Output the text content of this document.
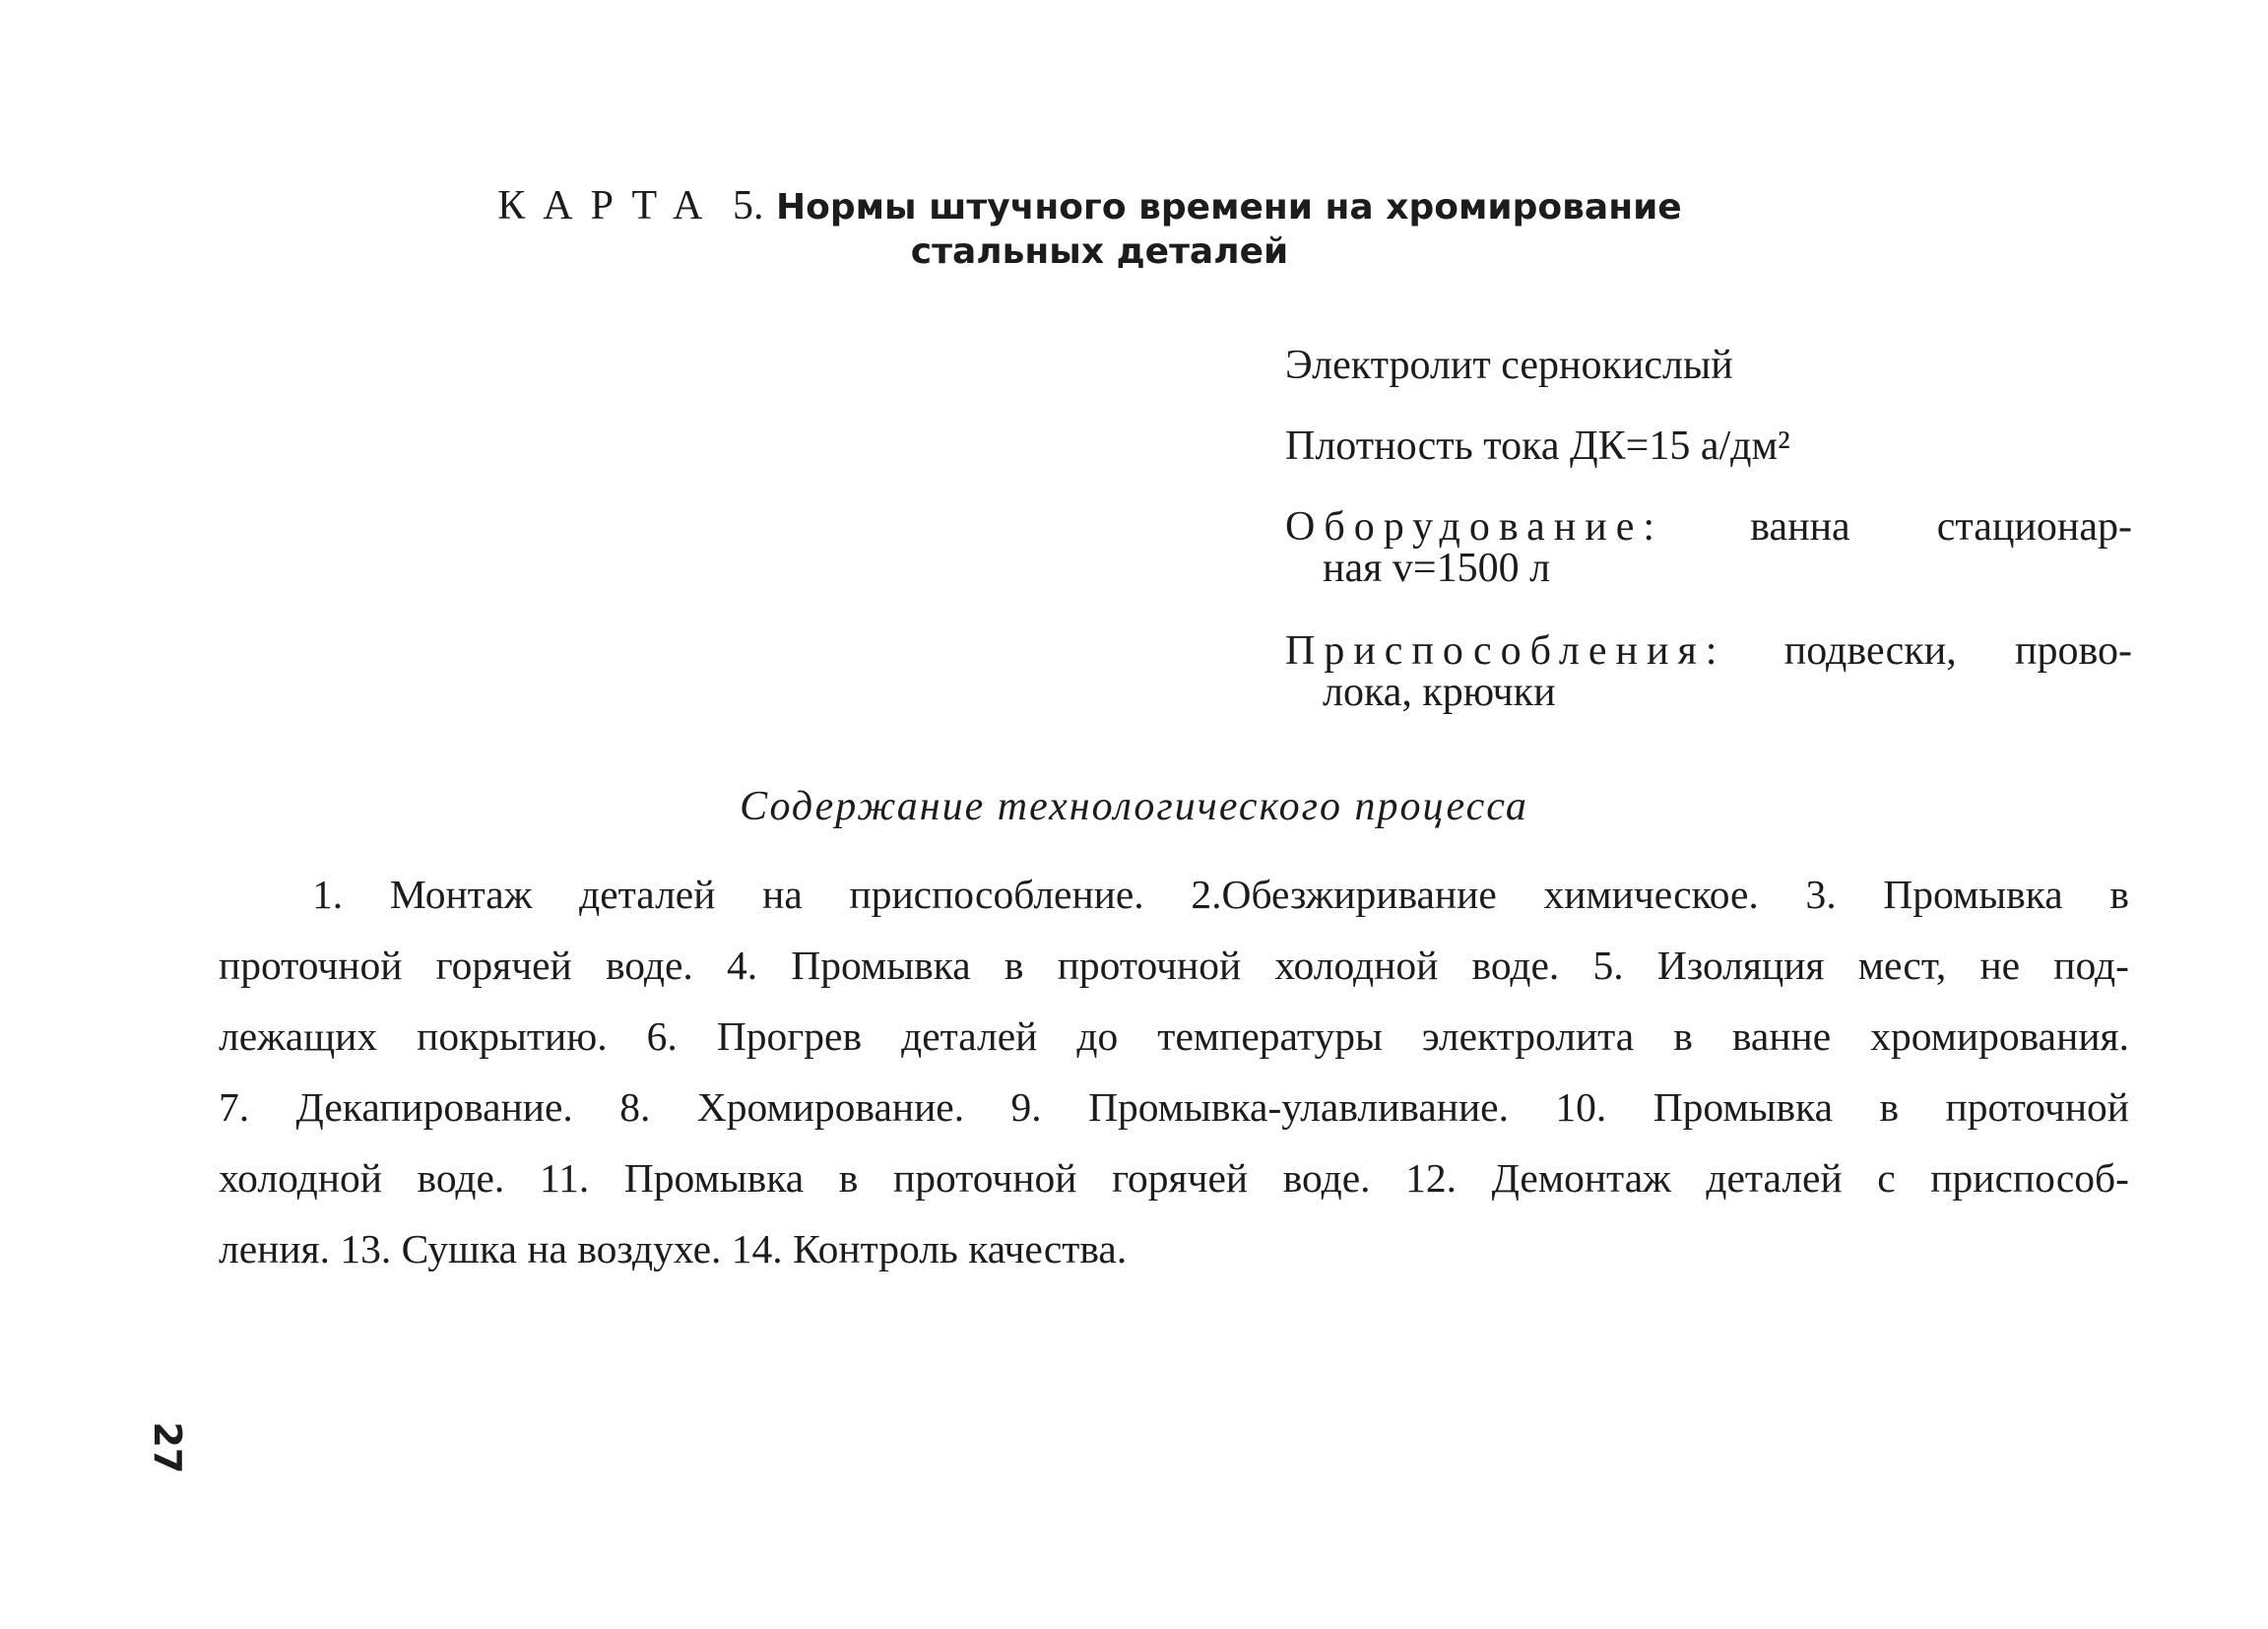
КАРТА 5. Нормы штучного времени на хромирование
стальных деталей
Электролит сернокислый
Плотность тока ДК=15 а/дм²
Оборудование: ванна стационар-
ная v=1500 л
Приспособления: подвески, прово-
лока, крючки
Содержание технологического процесса
1. Монтаж деталей на приспособление. 2.Обезжиривание химическое. 3. Промывка в
проточной горячей воде. 4. Промывка в проточной холодной воде. 5. Изоляция мест, не под-
лежащих покрытию. 6. Прогрев деталей до температуры электролита в ванне хромирования.
7. Декапирование. 8. Хромирование. 9. Промывка-улавливание. 10. Промывка в проточной
холодной воде. 11. Промывка в проточной горячей воде. 12. Демонтаж деталей с приспособ-
ления. 13. Сушка на воздухе. 14. Контроль качества.
27
